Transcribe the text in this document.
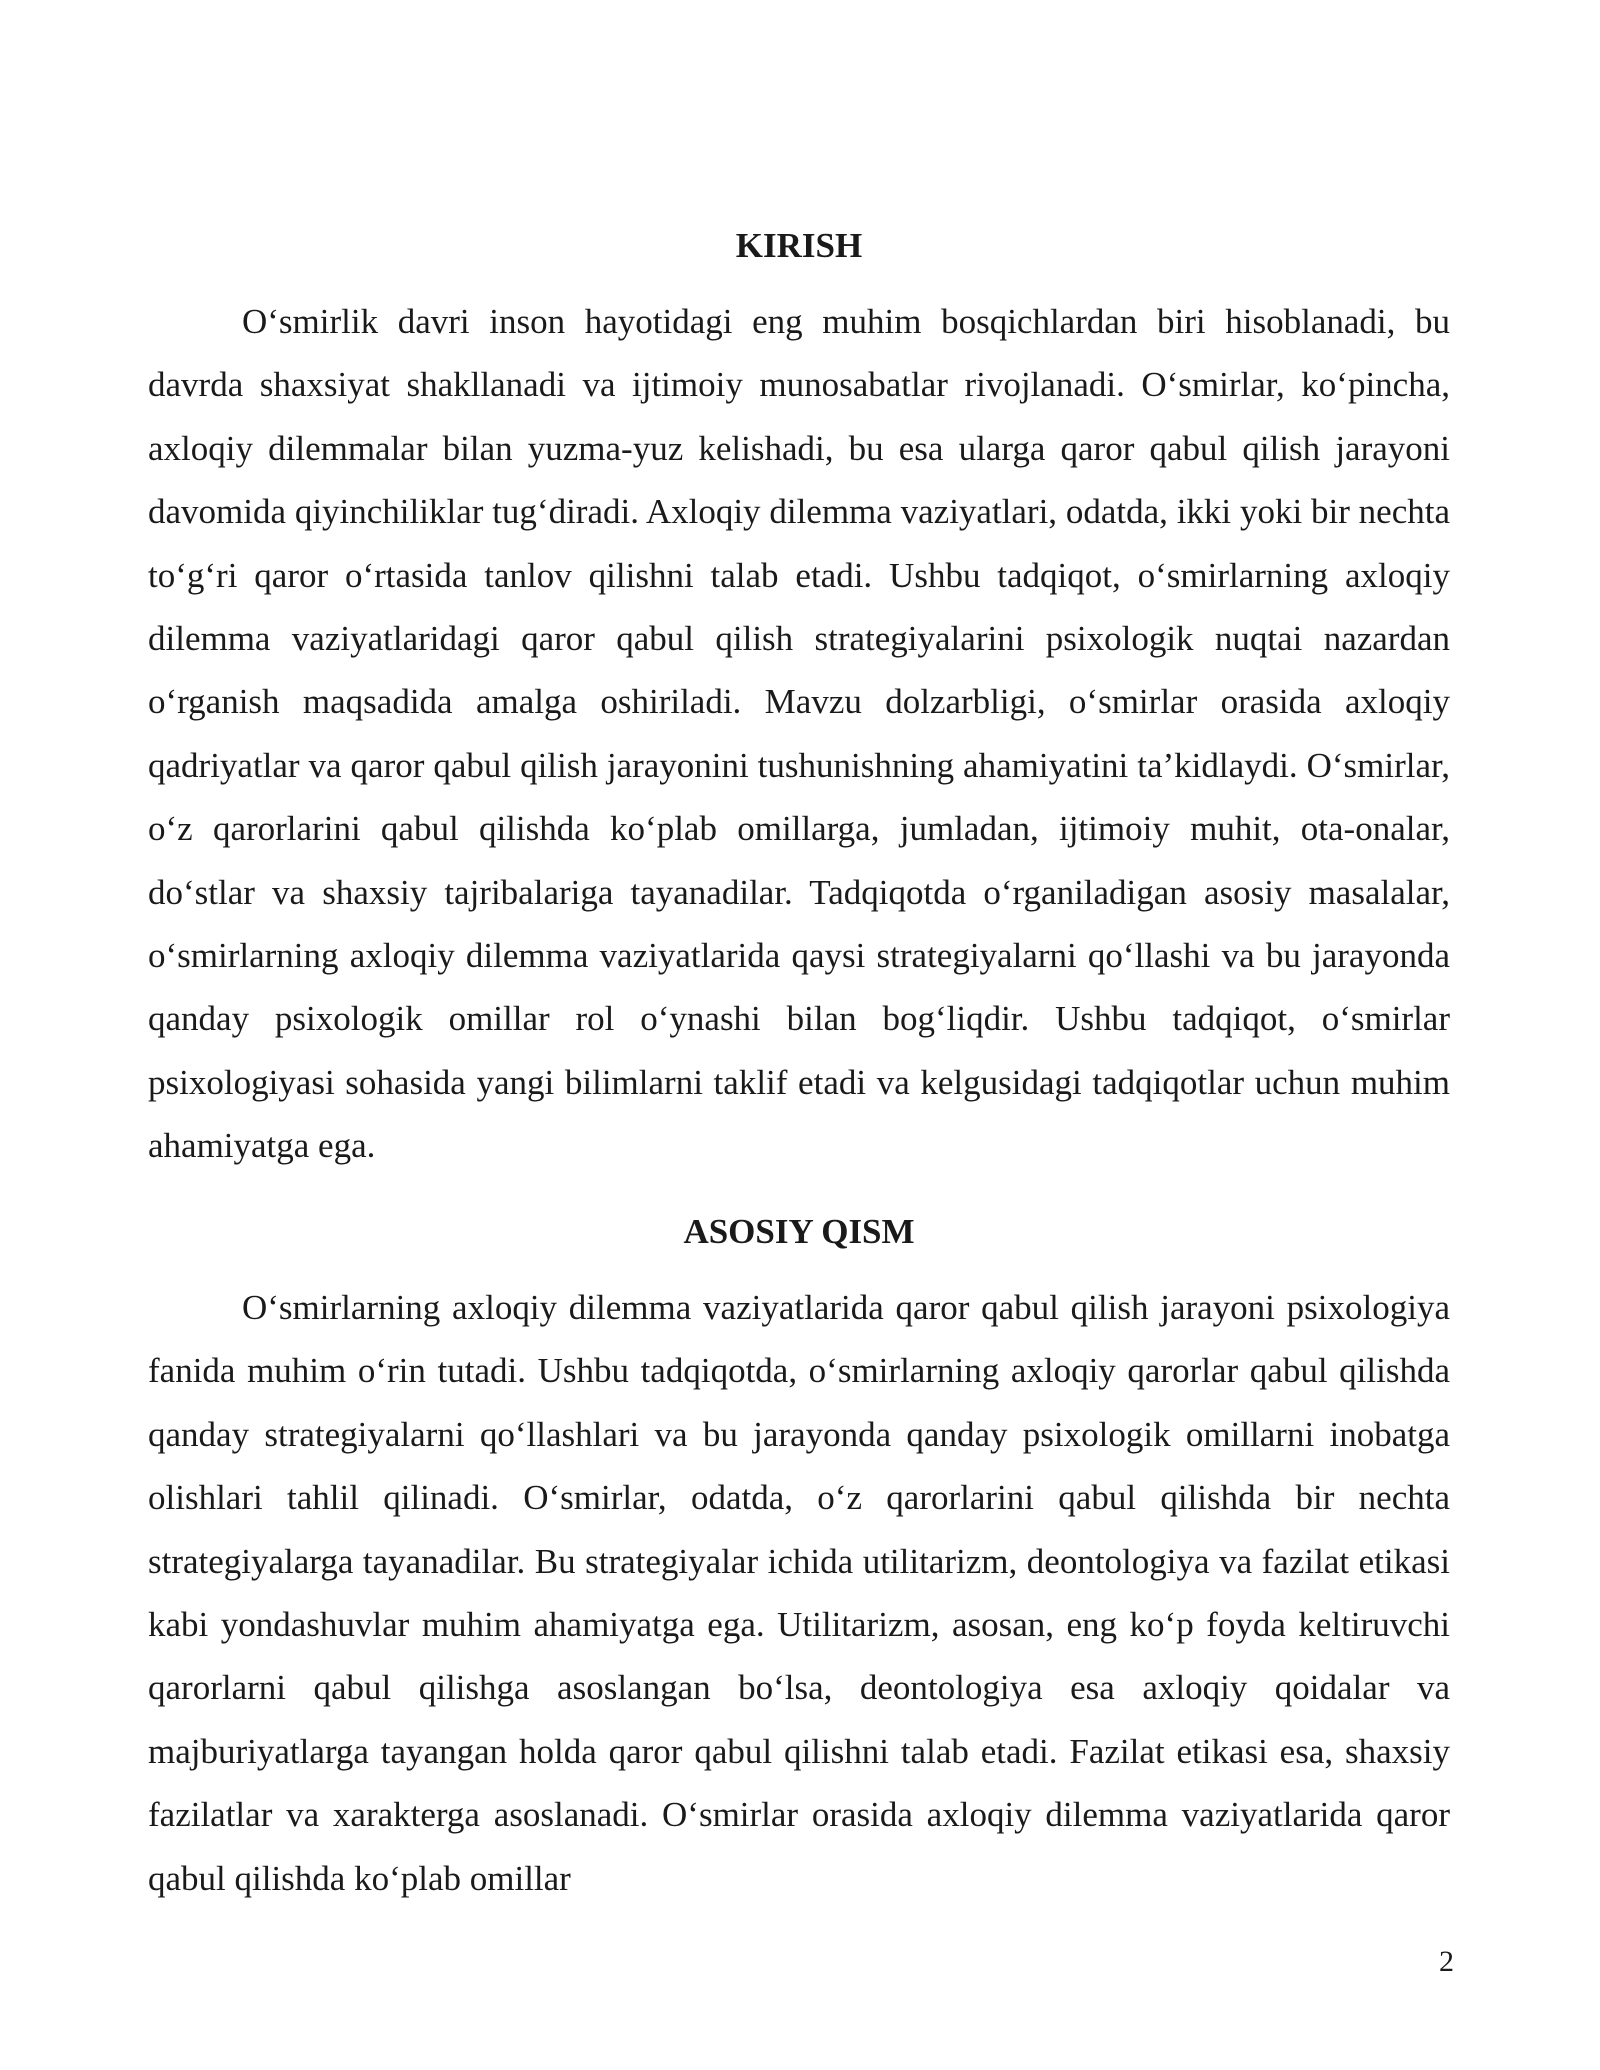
KIRISH

O‘smirlik davri inson hayotidagi eng muhim bosqichlardan biri hisoblanadi, bu davrda shaxsiyat shakllanadi va ijtimoiy munosabatlar rivojlanadi. O‘smirlar, ko‘pincha, axloqiy dilemmalar bilan yuzma-yuz kelishadi, bu esa ularga qaror qabul qilish jarayoni davomida qiyinchiliklar tug‘diradi. Axloqiy dilemma vaziyatlari, odatda, ikki yoki bir nechta to‘g‘ri qaror o‘rtasida tanlov qilishni talab etadi. Ushbu tadqiqot, o‘smirlarning axloqiy dilemma vaziyatlaridagi qaror qabul qilish strategiyalarini psixologik nuqtai nazardan o‘rganish maqsadida amalga oshiriladi. Mavzu dolzarbligi, o‘smirlar orasida axloqiy qadriyatlar va qaror qabul qilish jarayonini tushunishning ahamiyatini ta’kidlaydi. O‘smirlar, o‘z qarorlarini qabul qilishda ko‘plab omillarga, jumladan, ijtimoiy muhit, ota-onalar, do‘stlar va shaxsiy tajribalariga tayanadilar. Tadqiqotda o‘rganiladigan asosiy masalalar, o‘smirlarning axloqiy dilemma vaziyatlarida qaysi strategiyalarni qo‘llashi va bu jarayonda qanday psixologik omillar rol o‘ynashi bilan bog‘liqdir. Ushbu tadqiqot, o‘smirlar psixologiyasi sohasida yangi bilimlarni taklif etadi va kelgusidagi tadqiqotlar uchun muhim ahamiyatga ega.

ASOSIY QISM

O‘smirlarning axloqiy dilemma vaziyatlarida qaror qabul qilish jarayoni psixologiya fanida muhim o‘rin tutadi. Ushbu tadqiqotda, o‘smirlarning axloqiy qarorlar qabul qilishda qanday strategiyalarni qo‘llashlari va bu jarayonda qanday psixologik omillarni inobatga olishlari tahlil qilinadi. O‘smirlar, odatda, o‘z qarorlarini qabul qilishda bir nechta strategiyalarga tayanadilar. Bu strategiyalar ichida utilitarizm, deontologiya va fazilat etikasi kabi yondashuvlar muhim ahamiyatga ega. Utilitarizm, asosan, eng ko‘p foyda keltiruvchi qarorlarni qabul qilishga asoslangan bo‘lsa, deontologiya esa axloqiy qoidalar va majburiyatlarga tayangan holda qaror qabul qilishni talab etadi. Fazilat etikasi esa, shaxsiy fazilatlar va xarakterga asoslanadi. O‘smirlar orasida axloqiy dilemma vaziyatlarida qaror qabul qilishda ko‘plab omillar

2
